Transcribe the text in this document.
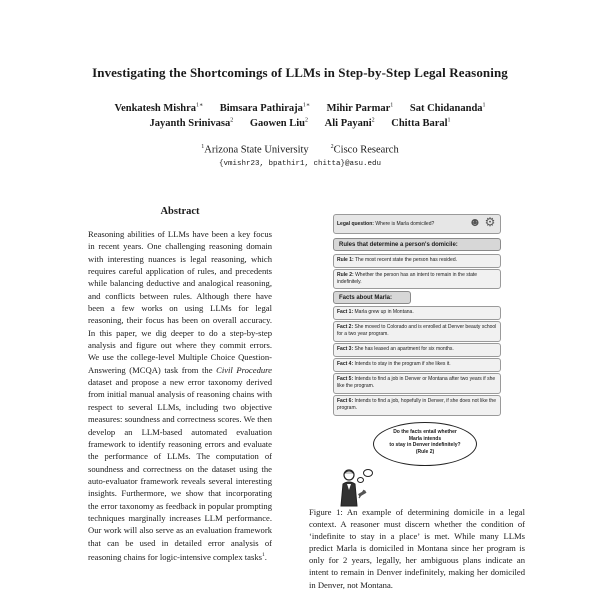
Investigating the Shortcomings of LLMs in Step-by-Step Legal Reasoning
Venkatesh Mishra$^{1∗}$ Bimsara Pathiraja$^{1∗}$ Mihir Parmar$^1$ Sat Chidananda$^1$
Jayanth Srinivasa$^2$ Gaowen Liu$^2$ Ali Payani$^2$ Chitta Baral$^1$
$^1$Arizona State University	$^2$Cisco Research
{vmishr23, bpathir1, chitta}@asu.edu
Abstract
Reasoning abilities of LLMs have been a key focus in recent years. One challenging reasoning domain with interesting nuances is legal reasoning, which requires careful application of rules, and precedents while balancing deductive and analogical reasoning, and conflicts between rules. Although there have been a few works on using LLMs for legal reasoning, their focus has been on overall accuracy. In this paper, we dig deeper to do a step-by-step analysis and figure out where they commit errors. We use the college-level Multiple Choice Question-Answering (MCQA) task from the Civil Procedure dataset and propose a new error taxonomy derived from initial manual analysis of reasoning chains with respect to several LLMs, including two objective measures: soundness and correctness scores. We then develop an LLM-based automated evaluation framework to identify reasoning errors and evaluate the performance of LLMs. The computation of soundness and correctness on the dataset using the auto-evaluator framework reveals several interesting insights. Furthermore, we show that incorporating the error taxonomy as feedback in popular prompting techniques marginally increases LLM performance. Our work will also serve as an evaluation framework that can be used in detailed error analysis of reasoning chains for logic-intensive complex tasks$^1$.
Legal question: Where is Marla domiciled?	☻ ⚙
Rules that determine a person's domicile:
Rule 1: The most recent state the person has resided.
Rule 2: Whether the person has an intent to remain in the state indefinitely.
Facts about Marla:
Fact 1: Marla grew up in Montana.
Fact 2: She moved to Colorado and is enrolled at Denver beauty school for a two year program.
Fact 3: She has leased an apartment for six months.
Fact 4: Intends to stay in the program if she likes it.
Fact 5: Intends to find a job in Denver or Montana after two years if she like the program.
Fact 6: Intends to find a job, hopefully in Denver, if she does not like the program.
Do the facts entail whether
Marla intends
to stay in Denver indefinitely?
(Rule 2)
Figure 1: An example of determining domicile in a legal context. A reasoner must discern whether the condition of ‘indefinite to stay in a place’ is met. While many LLMs predict Marla is domiciled in Montana since her program is only for 2 years, legally, her ambiguous plans indicate an intent to remain in Denver indefinitely, making her domiciled in Denver, not Montana.
